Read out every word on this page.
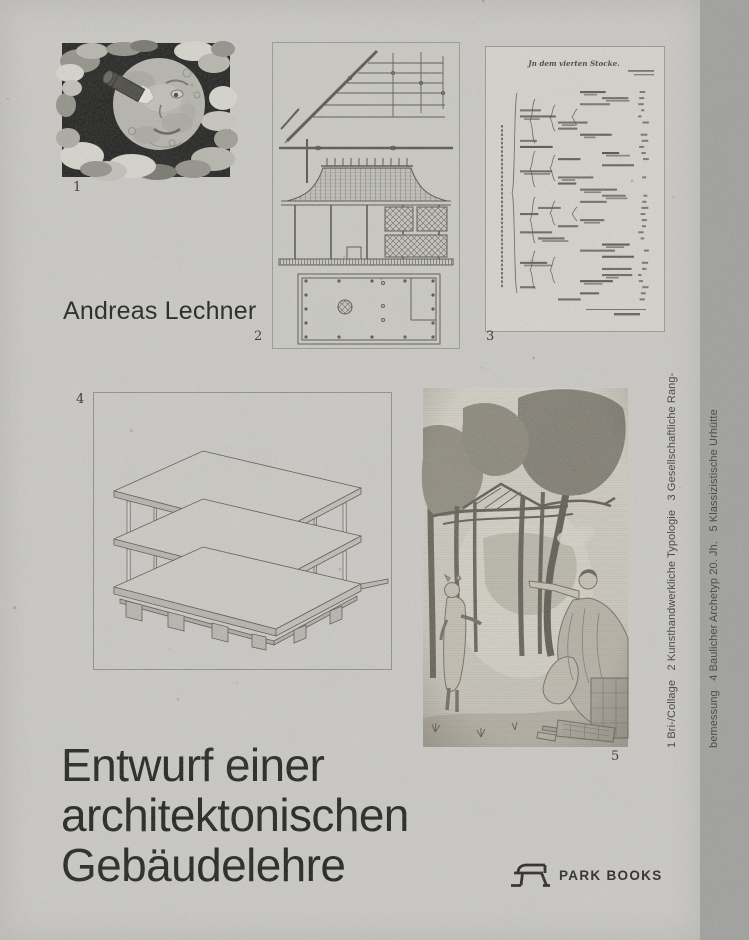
1
2
Jn dem vierten Stocke.
3
4
5
Andreas Lechner
Entwurf einer
architektonischen
Gebäudelehre

1 Bri-/Collage   2 Kunsthandwerkliche Typologie   3 Gesellschaftliche Rang-

	bemessung   4 Baulicher Archetyp 20. Jh.   5 Klassizistische Urhütte

PARK BOOKS
